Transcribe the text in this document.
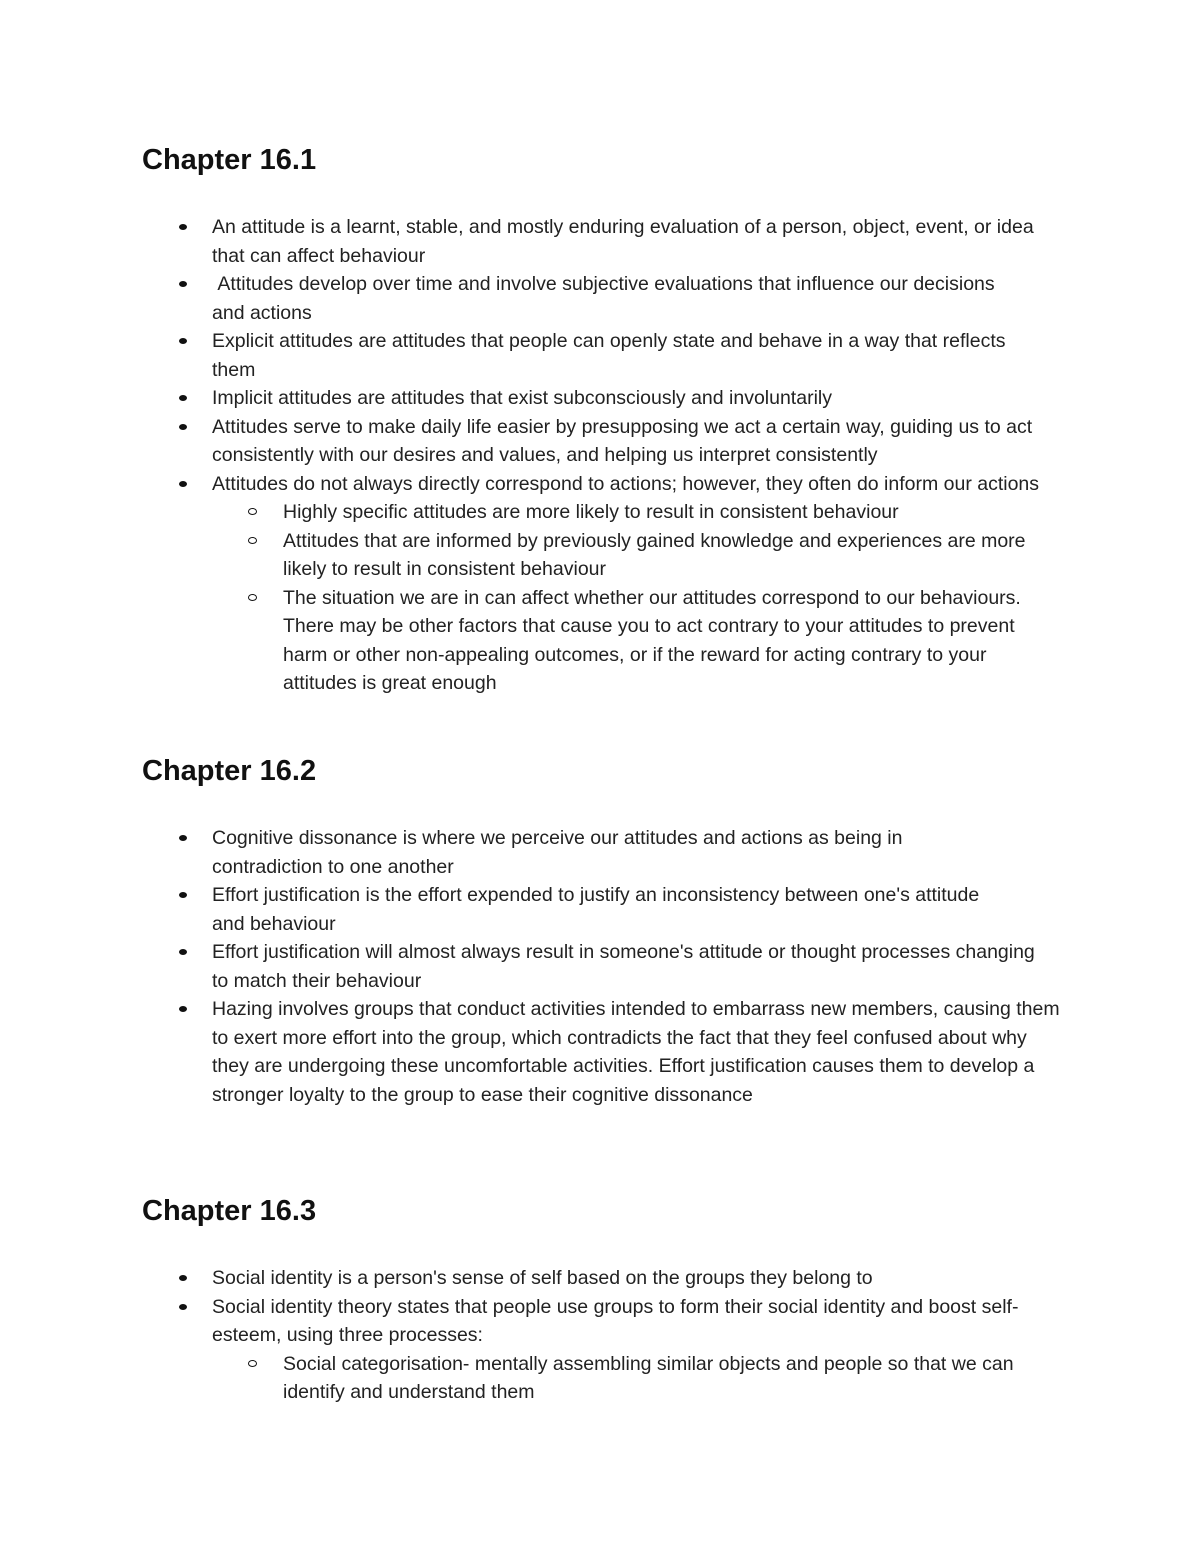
Chapter 16.1
An attitude is a learnt, stable, and mostly enduring evaluation of a person, object, event, or idea that can affect behaviour
Attitudes develop over time and involve subjective evaluations that influence our decisions and actions
Explicit attitudes are attitudes that people can openly state and behave in a way that reflects them
Implicit attitudes are attitudes that exist subconsciously and involuntarily
Attitudes serve to make daily life easier by presupposing we act a certain way, guiding us to act consistently with our desires and values, and helping us interpret consistently
Attitudes do not always directly correspond to actions; however, they often do inform our actions
Highly specific attitudes are more likely to result in consistent behaviour
Attitudes that are informed by previously gained knowledge and experiences are more likely to result in consistent behaviour
The situation we are in can affect whether our attitudes correspond to our behaviours. There may be other factors that cause you to act contrary to your attitudes to prevent harm or other non-appealing outcomes, or if the reward for acting contrary to your attitudes is great enough
Chapter 16.2
Cognitive dissonance is where we perceive our attitudes and actions as being in contradiction to one another
Effort justification is the effort expended to justify an inconsistency between one's attitude and behaviour
Effort justification will almost always result in someone's attitude or thought processes changing to match their behaviour
Hazing involves groups that conduct activities intended to embarrass new members, causing them to exert more effort into the group, which contradicts the fact that they feel confused about why they are undergoing these uncomfortable activities. Effort justification causes them to develop a stronger loyalty to the group to ease their cognitive dissonance
Chapter 16.3
Social identity is a person's sense of self based on the groups they belong to
Social identity theory states that people use groups to form their social identity and boost self-esteem, using three processes:
Social categorisation- mentally assembling similar objects and people so that we can identify and understand them
